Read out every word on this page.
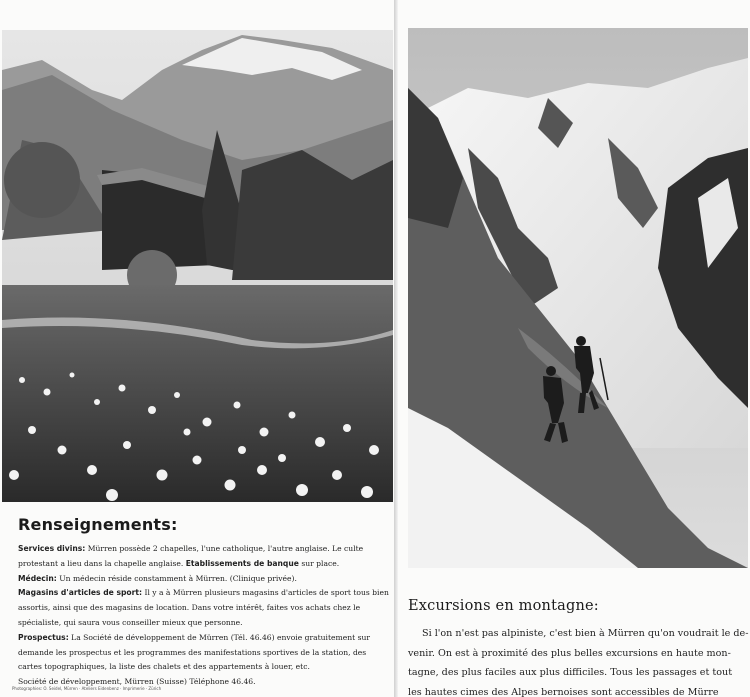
Renseignements:

Services divins: Mürren possède 2 chapelles, l'une catholique, l'autre anglaise. Le culte protestant a lieu dans la chapelle anglaise. Etablissements de banque sur place.
Médecin: Un médecin réside constamment à Mürren. (Clinique privée).
Magasins d'articles de sport: Il y a à Mürren plusieurs magasins d'articles de sport tous bien assortis, ainsi que des magasins de location. Dans votre intérêt, faites vos achats chez le spécialiste, qui saura vous conseiller mieux que personne.
Prospectus: La Société de développement de Mürren (Tél. 46.46) envoie gratuitement sur demande les prospectus et les programmes des manifestations sportives de la station, des cartes topographiques, la liste des chalets et des appartements à louer, etc.
Société de développement, Mürren (Suisse) Téléphone 46.46.

Photographies: O. Seidel, Mürren · Ateliers Eidenbenz · Imprimerie · Zürich
Excursions en montagne:

Si l'on n'est pas alpiniste, c'est bien à Mürren qu'on voudrait le de-

venir. On est à proximité des plus belles excursions en haute mon-

tagne, des plus faciles aux plus difficiles. Tous les passages et tout

les hautes cimes des Alpes bernoises sont accessibles de Mürre
